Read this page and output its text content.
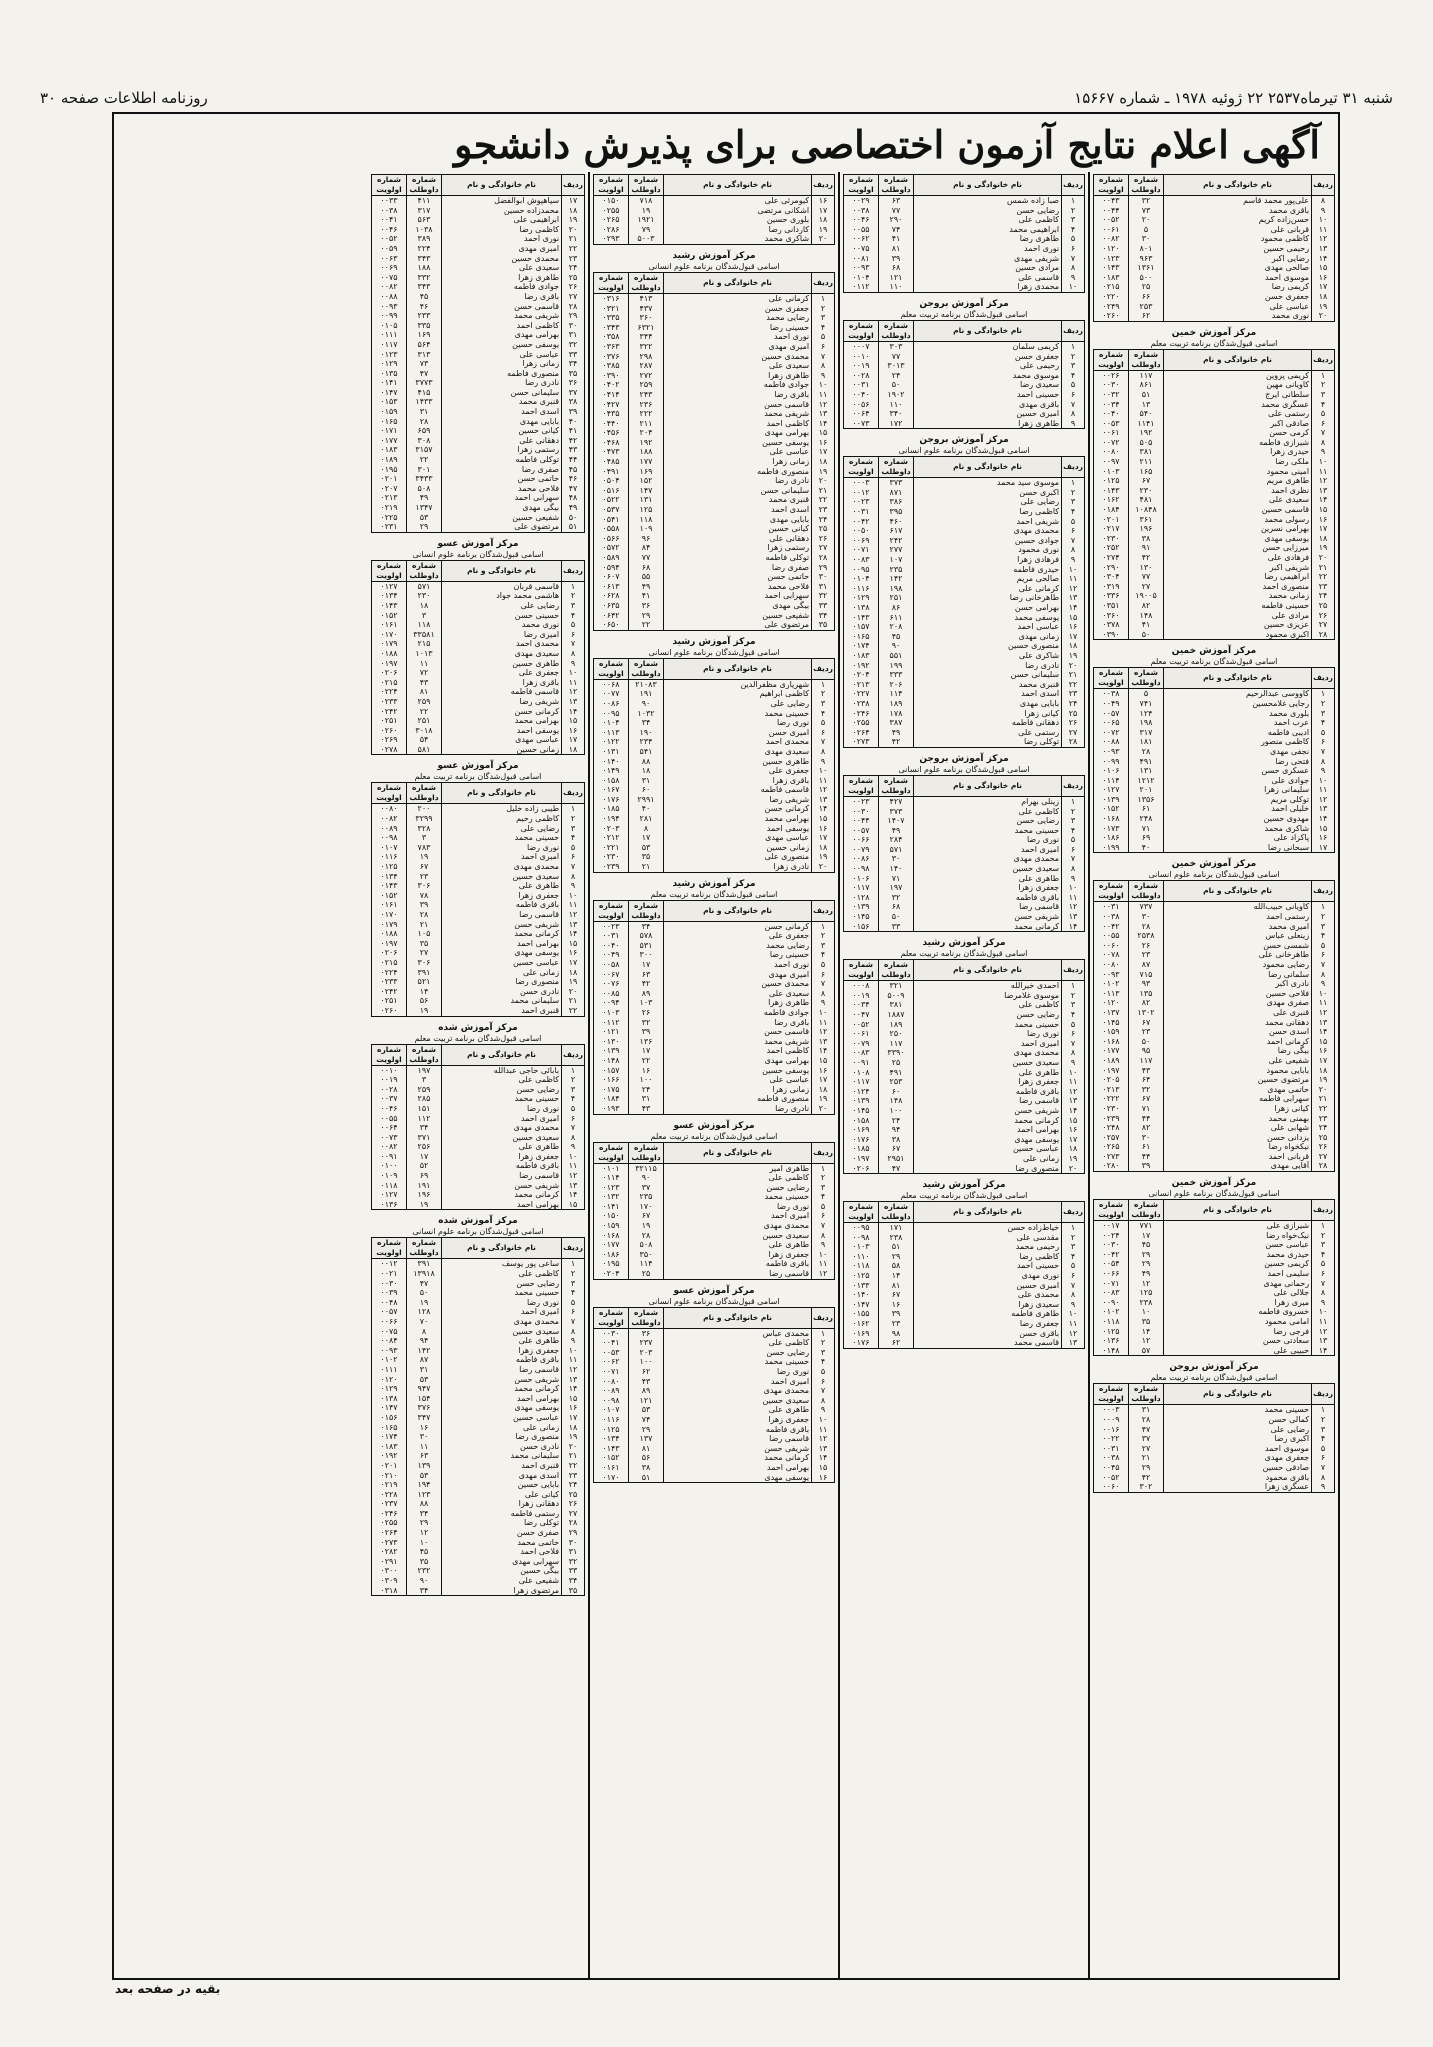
شنبه ۳۱ تیرماه۲۵۳۷ ۲۲ ژوئیه ۱۹۷۸ ـ شماره ۱۵۶۶۷
روزنامه اطلاعات صفحه ۳۰
آگهی اعلام نتایج آزمون اختصاصی برای پذیرش دانشجو
ردیف	نام خانوادگی و نام	شماره داوطلب	شماره اولویت
۸	علی‌پور محمد قاسم	۳۲	۰۰۴۳
۹	باقری محمد	۷۳	۰۰۴۴
۱۰	حسن‌زاده کریم	۲۰	۰۰۵۲
۱۱	قربانی علی	۵	۰۰۶۱
۱۲	کاظمی محمود	۳۰	۰۰۸۲
۱۳	رحیمی حسین	۸۰۱	۰۱۲۰
۱۴	رضایی اکبر	۹۶۳	۰۱۲۳
۱۵	صالحی مهدی	۱۳۶۱	۰۱۴۳
۱۶	موسوی احمد	۵۰۰	۰۱۸۳
۱۷	کریمی رضا	۲۵	۰۲۱۵
۱۸	جعفری حسن	۶۶	۰۲۲۰
۱۹	عباسی علی	۲۵۳	۰۲۴۹
۲۰	نوری محمد	۶۲	۰۲۶۰
مرکز آموزش خمین
اسامی قبول‌شدگان برنامه تربیت معلم
ردیف	نام خانوادگی و نام	شماره داوطلب	شماره اولویت
۱	کریمی پروین	۱۱۷	۰۰۲۶
۲	کاویانی مهین	۸۶۱	۰۰۳۰
۳	سلطانی ایرج	۵۱	۰۰۳۲
۴	عسگری محمد	۱۳	۰۰۳۴
۵	رستمی علی	۵۴۰	۰۰۴۰
۶	صادقی اکبر	۱۱۴۱	۰۰۵۳
۷	کرمی حسن	۱۹۲	۰۰۶۱
۸	شیرازی فاطمه	۵۰۵	۰۰۷۲
۹	حیدری زهرا	۳۸۱	۰۰۸۰
۱۰	ملکی رضا	۲۱۱	۰۰۹۷
۱۱	امینی محمود	۱۶۵	۰۱۰۳
۱۲	طاهری مریم	۶۷	۰۱۲۵
۱۳	نظری احمد	۲۳۰	۰۱۴۳
۱۴	سعیدی علی	۴۸۱	۰۱۶۲
۱۵	قاسمی حسین	۱۰۸۴۸	۰۱۸۴
۱۶	رسولی محمد	۳۶۱	۰۲۰۱
۱۷	بهرامی نسرین	۱۹۶	۰۲۱۷
۱۸	یوسفی مهدی	۳۸	۰۲۳۰
۱۹	میرزایی حسن	۹۱	۰۲۵۲
۲۰	فرهادی علی	۴۲	۰۲۷۴
۲۱	شریفی اکبر	۱۳۰	۰۲۹۰
۲۲	ابراهیمی رضا	۷۷	۰۳۰۴
۲۳	منصوری احمد	۲۷	۰۳۱۹
۲۴	زمانی محمد	۱۹۰۰۵	۰۳۳۶
۲۵	حسینی فاطمه	۸۲	۰۳۵۱
۲۶	مرادی علی	۱۴۸	۰۳۶۰
۲۷	عزیزی حسین	۴۱	۰۳۷۸
۲۸	اکبری محمود	۵۰	۰۳۹۰
مرکز آموزش خمین
اسامی قبول‌شدگان برنامه تربیت معلم
ردیف	نام خانوادگی و نام	شماره داوطلب	شماره اولویت
۱	کاووسی عبدالرحیم	۵	۰۰۳۸
۲	رجایی غلامحسین	۷۴۱	۰۰۴۹
۳	بلوری محمد	۱۲۴	۰۰۵۷
۴	عرب احمد	۱۹۸	۰۰۶۵
۵	ادیبی فاطمه	۳۱۷	۰۰۷۲
۶	کاظمی منصور	۱۸۱	۰۰۸۸
۷	نجفی مهدی	۲۸	۰۰۹۳
۸	فتحی رضا	۴۹۱	۰۰۹۹
۹	عسکری حسن	۱۳۱	۰۱۰۶
۱۰	جوادی علی	۱۲۱۲	۰۱۱۴
۱۱	سلیمانی زهرا	۲۰۱	۰۱۲۷
۱۲	توکلی مریم	۱۳۵۶	۰۱۳۹
۱۳	خلیلی احمد	۶۱	۰۱۵۲
۱۴	مهدوی حسین	۲۴۸	۰۱۶۸
۱۵	شاکری محمد	۷۱	۰۱۷۳
۱۶	پاکزاد علی	۶۹	۰۱۸۶
۱۷	سبحانی رضا	۴۰	۰۱۹۹
مرکز آموزش خمین
اسامی قبول‌شدگان برنامه علوم انسانی
ردیف	نام خانوادگی و نام	شماره داوطلب	شماره اولویت
۱	کاویانی حبیب‌الله	۷۳۷	۰۰۳۱
۲	رستمی احمد	۳۰	۰۰۳۸
۳	امیری محمد	۲۸	۰۰۴۲
۴	زینعلی عباس	۲۵۳۸	۰۰۵۵
۵	شمسی حسن	۲۶	۰۰۶۰
۶	طاهرخانی علی	۲۳	۰۰۷۸
۷	رضایی محمود	۸۷	۰۰۸۰
۸	سلمانی رضا	۷۱۵	۰۰۹۳
۹	نادری اکبر	۹۳	۰۱۰۲
۱۰	فلاحی حسین	۱۳۵	۰۱۱۳
۱۱	صفری مهدی	۸۲	۰۱۲۰
۱۲	قنبری علی	۱۳۰۲	۰۱۳۷
۱۳	دهقانی محمد	۶۷	۰۱۴۵
۱۴	اسدی حسن	۲۳	۰۱۵۹
۱۵	کرمانی احمد	۵۰	۰۱۶۸
۱۶	بیگی رضا	۹۵	۰۱۷۷
۱۷	شفیعی علی	۱۱۷	۰۱۸۹
۱۸	بابایی محمود	۴۳	۰۱۹۷
۱۹	مرتضوی حسین	۶۴	۰۲۰۵
۲۰	حاتمی مهدی	۳۲	۰۲۱۳
۲۱	سهرابی فاطمه	۶۷	۰۲۲۲
۲۲	کیانی زهرا	۷۱	۰۲۳۰
۲۳	بهمنی محمد	۴۴	۰۲۳۹
۲۴	شهابی علی	۸۲	۰۲۴۸
۲۵	یزدانی حسن	۳۰	۰۲۵۷
۲۶	نیکخواه رضا	۶۱	۰۲۶۵
۲۷	قربانی احمد	۴۴	۰۲۷۳
۲۸	آقایی مهدی	۳۹	۰۲۸۰
مرکز آموزش خمین
اسامی قبول‌شدگان برنامه علوم انسانی
ردیف	نام خانوادگی و نام	شماره داوطلب	شماره اولویت
۱	شیرازی علی	۷۷۱	۰۰۱۷
۲	نیک‌خواه رضا	۱۷	۰۰۲۴
۳	عباسی حسن	۴۵	۰۰۳۰
۴	حیدری محمد	۲۹	۰۰۴۲
۵	کریمی حسین	۲۹	۰۰۵۴
۶	سلیمی احمد	۴۹	۰۰۶۶
۷	رحمانی مهدی	۱۲	۰۰۷۱
۸	جلالی علی	۱۲۵	۰۰۸۳
۹	میری زهرا	۲۳۸	۰۰۹۰
۱۰	خسروی فاطمه	۱۰	۰۱۰۲
۱۱	امامی محمود	۳۵	۰۱۱۸
۱۲	فرجی رضا	۱۴	۰۱۲۵
۱۳	سعادتی حسن	۱۲	۰۱۳۶
۱۴	حبیبی علی	۵۷	۰۱۴۸
مرکز آموزش بروجن
اسامی قبول‌شدگان برنامه تربیت معلم
ردیف	نام خانوادگی و نام	شماره داوطلب	شماره اولویت
۱	حسینی محمد	۳۱	۰۰۰۳
۲	کمالی حسن	۲۸	۰۰۰۹
۳	رضایی علی	۴۷	۰۰۱۶
۴	اکبری رضا	۳۷	۰۰۲۲
۵	موسوی احمد	۲۷	۰۰۳۱
۶	جعفری مهدی	۲۱	۰۰۳۸
۷	صادقی حسین	۲۹	۰۰۴۵
۸	باقری محمود	۴۲	۰۰۵۲
۹	عسگری زهرا	۳۰۲	۰۰۶۰
ردیف	نام خانوادگی و نام	شماره داوطلب	شماره اولویت
۱	صبا زاده شمس	۶۳	۰۰۲۹
۲	رضایی حسن	۷۷	۰۰۳۸
۳	کاظمی علی	۲۹۰	۰۰۴۶
۴	ابراهیمی محمد	۷۴	۰۰۵۵
۵	طاهری رضا	۴۱	۰۰۶۲
۶	نوری احمد	۸۱	۰۰۷۵
۷	شریفی مهدی	۳۹	۰۰۸۱
۸	مرادی حسین	۶۸	۰۰۹۳
۹	قاسمی علی	۱۲۱	۰۱۰۴
۱۰	محمدی زهرا	۱۱۰	۰۱۱۲
مرکز آموزش بروجن
اسامی قبول‌شدگان برنامه تربیت معلم
ردیف	نام خانوادگی و نام	شماره داوطلب	شماره اولویت
۱	کریمی سلمان	۳۰۳	۰۰۰۷
۲	جعفری حسن	۷۷	۰۰۱۰
۳	رحیمی علی	۳۰۱۳	۰۰۱۹
۴	موسوی محمد	۲۴	۰۰۲۸
۵	سعیدی رضا	۵۰	۰۰۳۱
۶	حسینی احمد	۱۹۰۲	۰۰۴۰
۷	باقری مهدی	۱۱۰	۰۰۵۶
۸	امیری حسین	۳۴۰	۰۰۶۴
۹	طاهری زهرا	۱۷۲	۰۰۷۳
مرکز آموزش بروجن
اسامی قبول‌شدگان برنامه علوم انسانی
ردیف	نام خانوادگی و نام	شماره داوطلب	شماره اولویت
۱	موسوی سید محمد	۳۷۳	۰۰۰۳
۲	اکبری حسن	۸۷۱	۰۰۱۲
۳	رضایی علی	۳۸۶	۰۰۲۳
۴	کاظمی رضا	۳۹۵	۰۰۳۱
۵	شریفی احمد	۴۶۰	۰۰۴۲
۶	محمدی مهدی	۶۱۷	۰۰۵۰
۷	جوادی حسین	۲۴۲	۰۰۶۹
۸	نوری محمود	۲۷۷	۰۰۷۱
۹	فرهادی زهرا	۱۰۷	۰۰۸۳
۱۰	حیدری فاطمه	۲۳۵	۰۰۹۵
۱۱	صالحی مریم	۱۴۲	۰۱۰۴
۱۲	کرمانی علی	۱۹۸	۰۱۱۶
۱۳	طاهرخانی رضا	۲۵۱	۰۱۲۹
۱۴	بهرامی حسن	۸۶	۰۱۳۸
۱۵	یوسفی محمد	۶۱۱	۰۱۴۳
۱۶	عباسی احمد	۲۰۸	۰۱۵۷
۱۷	زمانی مهدی	۴۵	۰۱۶۵
۱۸	منصوری حسین	۹۰	۰۱۷۴
۱۹	شاکری علی	۵۵۱	۰۱۸۳
۲۰	نادری رضا	۱۹۹	۰۱۹۲
۲۱	سلیمانی حسن	۳۳۳	۰۲۰۴
۲۲	قنبری محمد	۲۰۶	۰۲۱۳
۲۳	اسدی احمد	۱۱۴	۰۲۲۷
۲۴	بابایی مهدی	۱۸۹	۰۲۳۸
۲۵	کیانی زهرا	۱۷۸	۰۲۴۶
۲۶	دهقانی فاطمه	۳۸۷	۰۲۵۵
۲۷	رستمی علی	۴۹	۰۲۶۴
۲۸	توکلی رضا	۴۲	۰۲۷۳
مرکز آموزش بروجن
اسامی قبول‌شدگان برنامه علوم انسانی
ردیف	نام خانوادگی و نام	شماره داوطلب	شماره اولویت
۱	زینلی بهرام	۴۲۷	۰۰۲۳
۲	کاظمی علی	۳۷۳	۰۰۳۰
۳	رضایی حسن	۱۴۰۷	۰۰۴۴
۴	حسینی محمد	۴۹	۰۰۵۷
۵	نوری رضا	۲۸۴	۰۰۶۶
۶	امیری احمد	۵۷۱	۰۰۷۹
۷	محمدی مهدی	۳۰	۰۰۸۶
۸	سعیدی حسین	۱۴۰	۰۰۹۸
۹	طاهری علی	۷۱	۰۱۰۶
۱۰	جعفری زهرا	۱۹۷	۰۱۱۷
۱۱	باقری فاطمه	۳۲	۰۱۲۸
۱۲	قاسمی رضا	۶۸	۰۱۳۹
۱۳	شریفی حسن	۵۰	۰۱۴۵
۱۴	کرمانی محمد	۳۳	۰۱۵۶
مرکز آموزش رشید
اسامی قبول‌شدگان برنامه تربیت معلم
ردیف	نام خانوادگی و نام	شماره داوطلب	شماره اولویت
۱	احمدی خیرالله	۳۲۱	۰۰۰۸
۲	موسوی غلامرضا	۵۰۰۹	۰۰۱۹
۳	کاظمی علی	۳۸۱	۰۰۳۴
۴	رضایی حسن	۱۸۸۷	۰۰۴۷
۵	حسینی محمد	۱۸۹	۰۰۵۲
۶	نوری رضا	۲۵۰	۰۰۶۱
۷	امیری احمد	۱۱۷	۰۰۷۹
۸	محمدی مهدی	۳۳۹۰	۰۰۸۳
۹	سعیدی حسین	۲۵	۰۰۹۱
۱۰	طاهری علی	۴۹۱	۰۱۰۸
۱۱	جعفری زهرا	۲۵۳	۰۱۱۷
۱۲	باقری فاطمه	۶۰	۰۱۲۴
۱۳	قاسمی رضا	۱۴۸	۰۱۳۹
۱۴	شریفی حسن	۱۰۰	۰۱۴۵
۱۵	کرمانی محمد	۲۴	۰۱۵۸
۱۶	بهرامی احمد	۹۴	۰۱۶۹
۱۷	یوسفی مهدی	۳۸	۰۱۷۶
۱۸	عباسی حسین	۶۷	۰۱۸۵
۱۹	زمانی علی	۲۹۵۱	۰۱۹۷
۲۰	منصوری رضا	۴۷	۰۲۰۶
مرکز آموزش رشید
اسامی قبول‌شدگان برنامه تربیت معلم
ردیف	نام خانوادگی و نام	شماره داوطلب	شماره اولویت
۱	خیاط‌زاده حسن	۱۷۱	۰۰۹۵
۲	مقدسی علی	۲۳۸	۰۰۹۸
۳	رحیمی محمد	۵۱	۰۱۰۳
۴	کاظمی رضا	۲۹	۰۱۱۰
۵	حسینی احمد	۵۸	۰۱۱۸
۶	نوری مهدی	۱۴	۰۱۲۵
۷	امیری حسین	۸۱	۰۱۳۳
۸	محمدی علی	۶۷	۰۱۴۰
۹	سعیدی زهرا	۱۶	۰۱۴۷
۱۰	طاهری فاطمه	۳۹	۰۱۵۵
۱۱	جعفری رضا	۲۳	۰۱۶۲
۱۲	باقری حسن	۹۸	۰۱۶۹
۱۳	قاسمی محمد	۶۲	۰۱۷۶
ردیف	نام خانوادگی و نام	شماره داوطلب	شماره اولویت
۱۶	کیومرثی علی	۷۱۸	۰۱۵۰
۱۷	اشکانی مرتضی	۱۹	۰۲۵۵
۱۸	بلوری حسین	۱۹۲۱	۰۲۶۵
۱۹	کاردانی رضا	۷۹	۰۲۸۶
۲۰	شاکری محمد	۵۰۰۳	۰۲۹۳
مرکز آموزش رشید
اسامی قبول‌شدگان برنامه علوم انسانی
ردیف	نام خانوادگی و نام	شماره داوطلب	شماره اولویت
۱	کرمانی علی	۴۱۳	۰۳۱۶
۲	جعفری حسن	۴۳۷	۰۳۲۱
۳	رضایی محمد	۳۶۰	۰۳۳۵
۴	حسینی رضا	۶۳۲۱	۰۳۴۳
۵	نوری احمد	۳۴۴	۰۳۵۸
۶	امیری مهدی	۳۲۲	۰۳۶۳
۷	محمدی حسین	۲۹۸	۰۳۷۶
۸	سعیدی علی	۲۸۷	۰۳۸۵
۹	طاهری زهرا	۲۷۲	۰۳۹۰
۱۰	جوادی فاطمه	۲۵۹	۰۴۰۲
۱۱	باقری رضا	۲۴۳	۰۴۱۴
۱۲	قاسمی حسن	۲۳۶	۰۴۲۷
۱۳	شریفی محمد	۲۲۲	۰۴۳۵
۱۴	کاظمی احمد	۲۱۱	۰۴۴۰
۱۵	بهرامی مهدی	۲۰۴	۰۴۵۶
۱۶	یوسفی حسین	۱۹۲	۰۴۶۸
۱۷	عباسی علی	۱۸۸	۰۴۷۳
۱۸	زمانی زهرا	۱۷۷	۰۴۸۵
۱۹	منصوری فاطمه	۱۶۹	۰۴۹۱
۲۰	نادری رضا	۱۵۲	۰۵۰۴
۲۱	سلیمانی حسن	۱۴۷	۰۵۱۶
۲۲	قنبری محمد	۱۳۱	۰۵۲۲
۲۳	اسدی احمد	۱۲۵	۰۵۳۷
۲۴	بابایی مهدی	۱۱۸	۰۵۴۱
۲۵	کیانی حسین	۱۰۹	۰۵۵۸
۲۶	دهقانی علی	۹۶	۰۵۶۶
۲۷	رستمی زهرا	۸۴	۰۵۷۲
۲۸	توکلی فاطمه	۷۷	۰۵۸۹
۲۹	صفری رضا	۶۸	۰۵۹۴
۳۰	حاتمی حسن	۵۵	۰۶۰۷
۳۱	فلاحی محمد	۴۹	۰۶۱۳
۳۲	سهرابی احمد	۴۱	۰۶۲۸
۳۳	بیگی مهدی	۳۶	۰۶۳۵
۳۴	شفیعی حسین	۲۹	۰۶۴۲
۳۵	مرتضوی علی	۲۲	۰۶۵۰
مرکز آموزش رشید
اسامی قبول‌شدگان برنامه علوم انسانی
ردیف	نام خانوادگی و نام	شماره داوطلب	شماره اولویت
۱	شهریاری مظفرالدین	۲۱۰۸۳	۰۰۶۸
۲	کاظمی ابراهیم	۱۹۱	۰۰۷۷
۳	رضایی علی	۹۰	۰۰۸۶
۴	حسینی محمد	۱۰۳۲	۰۰۹۵
۵	نوری رضا	۳۴	۰۱۰۴
۶	امیری حسن	۱۹۰	۰۱۱۳
۷	محمدی احمد	۲۳۴	۰۱۲۲
۸	سعیدی مهدی	۵۴۱	۰۱۳۱
۹	طاهری حسین	۸۸	۰۱۴۰
۱۰	جعفری علی	۱۸	۰۱۴۹
۱۱	باقری زهرا	۳۱	۰۱۵۸
۱۲	قاسمی فاطمه	۶۰	۰۱۶۷
۱۳	شریفی رضا	۲۹۹۱	۰۱۷۶
۱۴	کرمانی حسن	۴۰	۰۱۸۵
۱۵	بهرامی محمد	۲۸۱	۰۱۹۴
۱۶	یوسفی احمد	۸	۰۲۰۳
۱۷	عباسی مهدی	۱۷	۰۲۱۲
۱۸	زمانی حسین	۵۳	۰۲۲۱
۱۹	منصوری علی	۳۵	۰۲۳۰
۲۰	نادری زهرا	۲۱	۰۲۳۹
مرکز آموزش رشید
اسامی قبول‌شدگان برنامه تربیت معلم
ردیف	نام خانوادگی و نام	شماره داوطلب	شماره اولویت
۱	کرمانی حسن	۳۴	۰۰۲۳
۲	جعفری علی	۵۷۸	۰۰۳۱
۳	رضایی محمد	۵۳۱	۰۰۴۰
۴	حسینی رضا	۳۰۰	۰۰۴۹
۵	نوری احمد	۱۷	۰۰۵۸
۶	امیری مهدی	۶۳	۰۰۶۷
۷	محمدی حسین	۴۲	۰۰۷۶
۸	سعیدی علی	۸۹	۰۰۸۵
۹	طاهری زهرا	۱۰۳	۰۰۹۴
۱۰	جوادی فاطمه	۲۶	۰۱۰۳
۱۱	باقری رضا	۳۲	۰۱۱۲
۱۲	قاسمی حسن	۳۹	۰۱۲۱
۱۳	شریفی محمد	۱۳۶	۰۱۳۰
۱۴	کاظمی احمد	۱۷	۰۱۳۹
۱۵	بهرامی مهدی	۲۲	۰۱۴۸
۱۶	یوسفی حسین	۱۶	۰۱۵۷
۱۷	عباسی علی	۱۰۰	۰۱۶۶
۱۸	زمانی زهرا	۲۴	۰۱۷۵
۱۹	منصوری فاطمه	۳۱	۰۱۸۴
۲۰	نادری رضا	۴۳	۰۱۹۳
مرکز آموزش عسو
اسامی قبول‌شدگان برنامه تربیت معلم
ردیف	نام خانوادگی و نام	شماره داوطلب	شماره اولویت
۱	طاهری امیر	۳۲۱۱۵	۰۱۰۱
۲	کاظمی علی	۹۰	۰۱۱۴
۳	رضایی حسن	۳۷	۰۱۲۳
۴	حسینی محمد	۲۳۵	۰۱۳۲
۵	نوری رضا	۱۷۰	۰۱۴۱
۶	امیری احمد	۶۷	۰۱۵۰
۷	محمدی مهدی	۱۹	۰۱۵۹
۸	سعیدی حسین	۲۸	۰۱۶۸
۹	طاهری علی	۵۰۸	۰۱۷۷
۱۰	جعفری زهرا	۳۵۰	۰۱۸۶
۱۱	باقری فاطمه	۱۱۴	۰۱۹۵
۱۲	قاسمی رضا	۲۵	۰۲۰۴
مرکز آموزش عسو
اسامی قبول‌شدگان برنامه علوم انسانی
ردیف	نام خانوادگی و نام	شماره داوطلب	شماره اولویت
۱	محمدی عباس	۳۶	۰۰۳۰
۲	کاظمی علی	۲۳۷	۰۰۴۱
۳	رضایی حسن	۲۰۳	۰۰۵۳
۴	حسینی محمد	۱۰۰	۰۰۶۲
۵	نوری رضا	۶۲	۰۰۷۱
۶	امیری احمد	۴۳	۰۰۸۰
۷	محمدی مهدی	۸۹	۰۰۸۹
۸	سعیدی حسین	۱۲۱	۰۰۹۸
۹	طاهری علی	۵۳	۰۱۰۷
۱۰	جعفری زهرا	۷۴	۰۱۱۶
۱۱	باقری فاطمه	۲۹	۰۱۲۵
۱۲	قاسمی رضا	۱۳۷	۰۱۳۴
۱۳	شریفی حسن	۸۱	۰۱۴۳
۱۴	کرمانی محمد	۵۶	۰۱۵۲
۱۵	بهرامی احمد	۳۸	۰۱۶۱
۱۶	یوسفی مهدی	۵۱	۰۱۷۰
ردیف	نام خانوادگی و نام	شماره داوطلب	شماره اولویت
۱۷	سیاهپوش ابوالفضل	۴۱۱	۰۰۳۳
۱۸	محمدزاده حسین	۳۱۷	۰۰۳۸
۱۹	ابراهیمی علی	۵۶۳	۰۰۴۱
۲۰	کاظمی رضا	۱۰۳۸	۰۰۴۶
۲۱	نوری احمد	۳۸۹	۰۰۵۲
۲۲	امیری مهدی	۲۲۴	۰۰۵۹
۲۳	محمدی حسین	۳۴۳	۰۰۶۳
۲۴	سعیدی علی	۱۸۸	۰۰۶۹
۲۵	طاهری زهرا	۳۳۲	۰۰۷۵
۲۶	جوادی فاطمه	۳۴۳	۰۰۸۲
۲۷	باقری رضا	۴۵	۰۰۸۸
۲۸	قاسمی حسن	۴۶	۰۰۹۳
۲۹	شریفی محمد	۲۳۳	۰۰۹۹
۳۰	کاظمی احمد	۳۳۵	۰۱۰۵
۳۱	بهرامی مهدی	۱۶۹	۰۱۱۱
۳۲	یوسفی حسین	۵۶۴	۰۱۱۷
۳۳	عباسی علی	۳۱۳	۰۱۲۳
۳۴	زمانی زهرا	۷۳	۰۱۲۹
۳۵	منصوری فاطمه	۴۷	۰۱۳۵
۳۶	نادری رضا	۳۷۷۳	۰۱۴۱
۳۷	سلیمانی حسن	۴۱۵	۰۱۴۷
۳۸	قنبری محمد	۱۴۳۳	۰۱۵۳
۳۹	اسدی احمد	۳۱	۰۱۵۹
۴۰	بابایی مهدی	۲۸	۰۱۶۵
۴۱	کیانی حسین	۶۵۹	۰۱۷۱
۴۲	دهقانی علی	۳۰۸	۰۱۷۷
۴۳	رستمی زهرا	۳۱۵۷	۰۱۸۳
۴۴	توکلی فاطمه	۲۲	۰۱۸۹
۴۵	صفری رضا	۳۰۱	۰۱۹۵
۴۶	حاتمی حسن	۳۴۳۳	۰۲۰۱
۴۷	فلاحی محمد	۵۰۸	۰۲۰۷
۴۸	سهرابی احمد	۴۹	۰۲۱۳
۴۹	بیگی مهدی	۱۳۴۷	۰۲۱۹
۵۰	شفیعی حسین	۵۳	۰۲۲۵
۵۱	مرتضوی علی	۲۹	۰۲۳۱
مرکز آموزش عسو
اسامی قبول‌شدگان برنامه علوم انسانی
ردیف	نام خانوادگی و نام	شماره داوطلب	شماره اولویت
۱	قاسمی قربان	۵۷۱	۰۱۲۷
۲	هاشمی محمد جواد	۲۳۰	۰۱۳۴
۳	رضایی علی	۱۸	۰۱۴۳
۴	حسینی حسن	۳	۰۱۵۲
۵	نوری محمد	۱۱۸	۰۱۶۱
۶	امیری رضا	۳۳۵۸۱	۰۱۷۰
۷	محمدی احمد	۲۱۵	۰۱۷۹
۸	سعیدی مهدی	۱۰۱۳	۰۱۸۸
۹	طاهری حسین	۱۱	۰۱۹۷
۱۰	جعفری علی	۷۲	۰۲۰۶
۱۱	باقری زهرا	۴۳	۰۲۱۵
۱۲	قاسمی فاطمه	۸۱	۰۲۲۴
۱۳	شریفی رضا	۲۵۹	۰۲۳۳
۱۴	کرمانی حسن	۲۲	۰۲۴۲
۱۵	بهرامی محمد	۲۵۱	۰۲۵۱
۱۶	یوسفی احمد	۳۰۱۸	۰۲۶۰
۱۷	عباسی مهدی	۵۴	۰۲۶۹
۱۸	زمانی حسین	۵۸۱	۰۲۷۸
مرکز آموزش عسو
اسامی قبول‌شدگان برنامه تربیت معلم
ردیف	نام خانوادگی و نام	شماره داوطلب	شماره اولویت
۱	طیبی زاده خلیل	۲۰۰	۰۰۸۰
۲	کاظمی رحیم	۳۲۹۹	۰۰۸۲
۳	رضایی علی	۳۲۸	۰۰۸۹
۴	حسینی محمد	۳	۰۰۹۸
۵	نوری رضا	۷۸۳	۰۱۰۷
۶	امیری احمد	۱۹	۰۱۱۶
۷	محمدی مهدی	۶۷	۰۱۲۵
۸	سعیدی حسین	۲۳	۰۱۳۴
۹	طاهری علی	۳۰۶	۰۱۴۳
۱۰	جعفری زهرا	۷۸	۰۱۵۲
۱۱	باقری فاطمه	۳۹	۰۱۶۱
۱۲	قاسمی رضا	۲۸	۰۱۷۰
۱۳	شریفی حسن	۲۱	۰۱۷۹
۱۴	کرمانی محمد	۱۰۵	۰۱۸۸
۱۵	بهرامی احمد	۳۵	۰۱۹۷
۱۶	یوسفی مهدی	۲۷	۰۲۰۶
۱۷	عباسی حسین	۳۰۶	۰۲۱۵
۱۸	زمانی علی	۳۹۱	۰۲۲۴
۱۹	منصوری رضا	۵۲۱	۰۲۳۳
۲۰	نادری حسن	۱۴	۰۲۴۲
۲۱	سلیمانی محمد	۵۶	۰۲۵۱
۲۲	قنبری احمد	۱۹	۰۲۶۰
مرکز آموزش شده
اسامی قبول‌شدگان برنامه تربیت معلم
ردیف	نام خانوادگی و نام	شماره داوطلب	شماره اولویت
۱	بابائی حاجی عبدالله	۱۹۷	۰۰۱۰
۲	کاظمی علی	۳	۰۰۱۹
۳	رضایی حسن	۲۵۹	۰۰۲۸
۴	حسینی محمد	۲۸۵	۰۰۳۷
۵	نوری رضا	۱۵۱	۰۰۴۶
۶	امیری احمد	۱۱۲	۰۰۵۵
۷	محمدی مهدی	۳۴	۰۰۶۴
۸	سعیدی حسین	۳۷۱	۰۰۷۳
۹	طاهری علی	۲۵۶	۰۰۸۲
۱۰	جعفری زهرا	۱۷	۰۰۹۱
۱۱	باقری فاطمه	۵۲	۰۱۰۰
۱۲	قاسمی رضا	۶۹	۰۱۰۹
۱۳	شریفی حسن	۱۹۱	۰۱۱۸
۱۴	کرمانی محمد	۱۹۶	۰۱۲۷
۱۵	بهرامی احمد	۱۹	۰۱۳۶
مرکز آموزش شده
اسامی قبول‌شدگان برنامه علوم انسانی
ردیف	نام خانوادگی و نام	شماره داوطلب	شماره اولویت
۱	ساعی پور یوسف	۳۹۱	۰۰۱۲
۲	کاظمی علی	۱۳۹۱۸	۰۰۲۱
۳	رضایی حسن	۴۷	۰۰۳۰
۴	حسینی محمد	۵۰	۰۰۳۹
۵	نوری رضا	۱۹	۰۰۴۸
۶	امیری احمد	۱۲۸	۰۰۵۷
۷	محمدی مهدی	۷۰	۰۰۶۶
۸	سعیدی حسین	۸	۰۰۷۵
۹	طاهری علی	۹۴	۰۰۸۴
۱۰	جعفری زهرا	۱۴۲	۰۰۹۳
۱۱	باقری فاطمه	۸۷	۰۱۰۲
۱۲	قاسمی رضا	۳۱	۰۱۱۱
۱۳	شریفی حسن	۵۳	۰۱۲۰
۱۴	کرمانی محمد	۹۴۷	۰۱۲۹
۱۵	بهرامی احمد	۱۵۴	۰۱۳۸
۱۶	یوسفی مهدی	۳۷۶	۰۱۴۷
۱۷	عباسی حسین	۳۴۷	۰۱۵۶
۱۸	زمانی علی	۱۶	۰۱۶۵
۱۹	منصوری رضا	۳۰	۰۱۷۴
۲۰	نادری حسن	۱۱	۰۱۸۳
۲۱	سلیمانی محمد	۶۳	۰۱۹۲
۲۲	قنبری احمد	۱۳۹	۰۲۰۱
۲۳	اسدی مهدی	۵۳	۰۲۱۰
۲۴	بابایی حسین	۱۹۴	۰۲۱۹
۲۵	کیانی علی	۱۲۳	۰۲۲۸
۲۶	دهقانی زهرا	۸۸	۰۲۳۷
۲۷	رستمی فاطمه	۳۴	۰۲۴۶
۲۸	توکلی رضا	۲۹	۰۲۵۵
۲۹	صفری حسن	۱۲	۰۲۶۴
۳۰	حاتمی محمد	۱۰	۰۲۷۳
۳۱	فلاحی احمد	۴۵	۰۲۸۲
۳۲	سهرابی مهدی	۳۵	۰۲۹۱
۳۳	بیگی حسین	۲۳۲	۰۳۰۰
۳۴	شفیعی علی	۹۰	۰۳۰۹
۳۵	مرتضوی زهرا	۳۴	۰۳۱۸
بقیه در صفحه بعد
